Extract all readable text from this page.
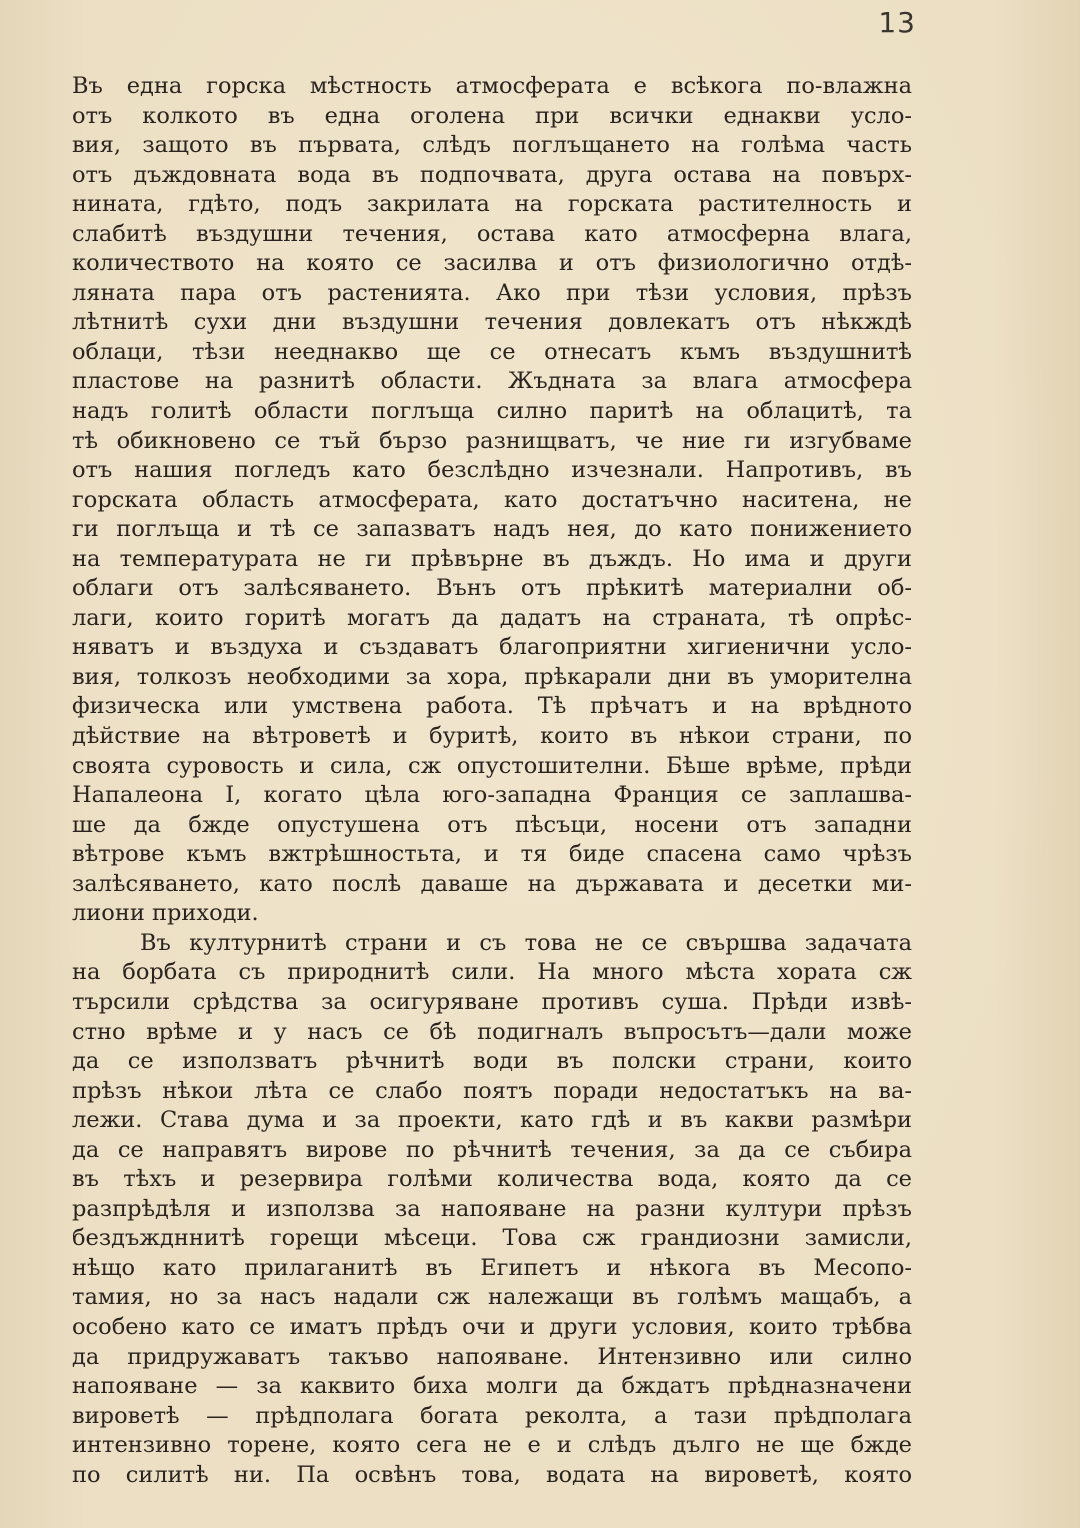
13
Въ една горска мѣстность атмосферата е всѣкога по-влажна
отъ колкото въ една оголена при всички еднакви усло-
вия, защото въ първата, слѣдъ поглъщането на голѣма часть
отъ дъждовната вода въ подпочвата, друга остава на повърх-
нината, гдѣто, подъ закрилата на горската растителность и
слабитѣ въздушни течения, остава като атмосферна влага,
количеството на която се засилва и отъ физиологично отдѣ-
ляната пара отъ растенията. Ако при тѣзи условия, прѣзъ
лѣтнитѣ сухи дни въздушни течения довлекатъ отъ нѣкждѣ
облаци, тѣзи нееднакво ще се отнесатъ къмъ въздушнитѣ
пластове на разнитѣ области. Жъдната за влага атмосфера
надъ голитѣ области поглъща силно паритѣ на облацитѣ, та
тѣ обикновено се тъй бързо разнищватъ, че ние ги изгубваме
отъ нашия погледъ като безслѣдно изчезнали. Напротивъ, въ
горската область атмосферата, като достатъчно наситена, не
ги поглъща и тѣ се запазватъ надъ нея, до като понижението
на температурата не ги прѣвърне въ дъждъ. Но има и други
облаги отъ залѣсяването. Вънъ отъ прѣкитѣ материални об-
лаги, които горитѣ могатъ да дадатъ на страната, тѣ опрѣс-
няватъ и въздуха и създаватъ благоприятни хигиенични усло-
вия, толкозъ необходими за хора, прѣкарали дни въ уморителна
физическа или умствена работа. Тѣ прѣчатъ и на врѣдното
дѣйствие на вѣтроветѣ и буритѣ, които въ нѣкои страни, по
своята суровость и сила, сж опустошителни. Бѣше врѣме, прѣди
Напалеона I, когато цѣла юго-западна Франция се заплашва-
ше да бжде опустушена отъ пѣсъци, носени отъ западни
вѣтрове къмъ вжтрѣшностьта, и тя биде спасена само чрѣзъ
залѣсяването, като послѣ даваше на държавата и десетки ми-
лиони приходи.
Въ културнитѣ страни и съ това не се свършва задачата
на борбата съ природнитѣ сили. На много мѣста хората сж
търсили срѣдства за осигуряване противъ суша. Прѣди извѣ-
стно врѣме и у насъ се бѣ подигналъ въпросътъ—дали може
да се използватъ рѣчнитѣ води въ полски страни, които
прѣзъ нѣкои лѣта се слабо поятъ поради недостатъкъ на ва-
лежи. Става дума и за проекти, като гдѣ и въ какви размѣри
да се направятъ вирове по рѣчнитѣ течения, за да се събира
въ тѣхъ и резервира голѣми количества вода, която да се
разпрѣдѣля и използва за напояване на разни култури прѣзъ
бездъждннитѣ горещи мѣсеци. Това сж грандиозни замисли,
нѣщо като прилаганитѣ въ Египетъ и нѣкога въ Месопо-
тамия, но за насъ надали сж належащи въ голѣмъ мащабъ, а
особено като се иматъ прѣдъ очи и други условия, които трѣбва
да придружаватъ такъво напояване. Интензивно или силно
напояване — за каквито биха молги да бждатъ прѣдназначени
вироветѣ — прѣдполага богата реколта, а тази прѣдполага
интензивно торене, която сега не е и слѣдъ дълго не ще бжде
по силитѣ ни. Па освѣнъ това, водата на вироветѣ, която
